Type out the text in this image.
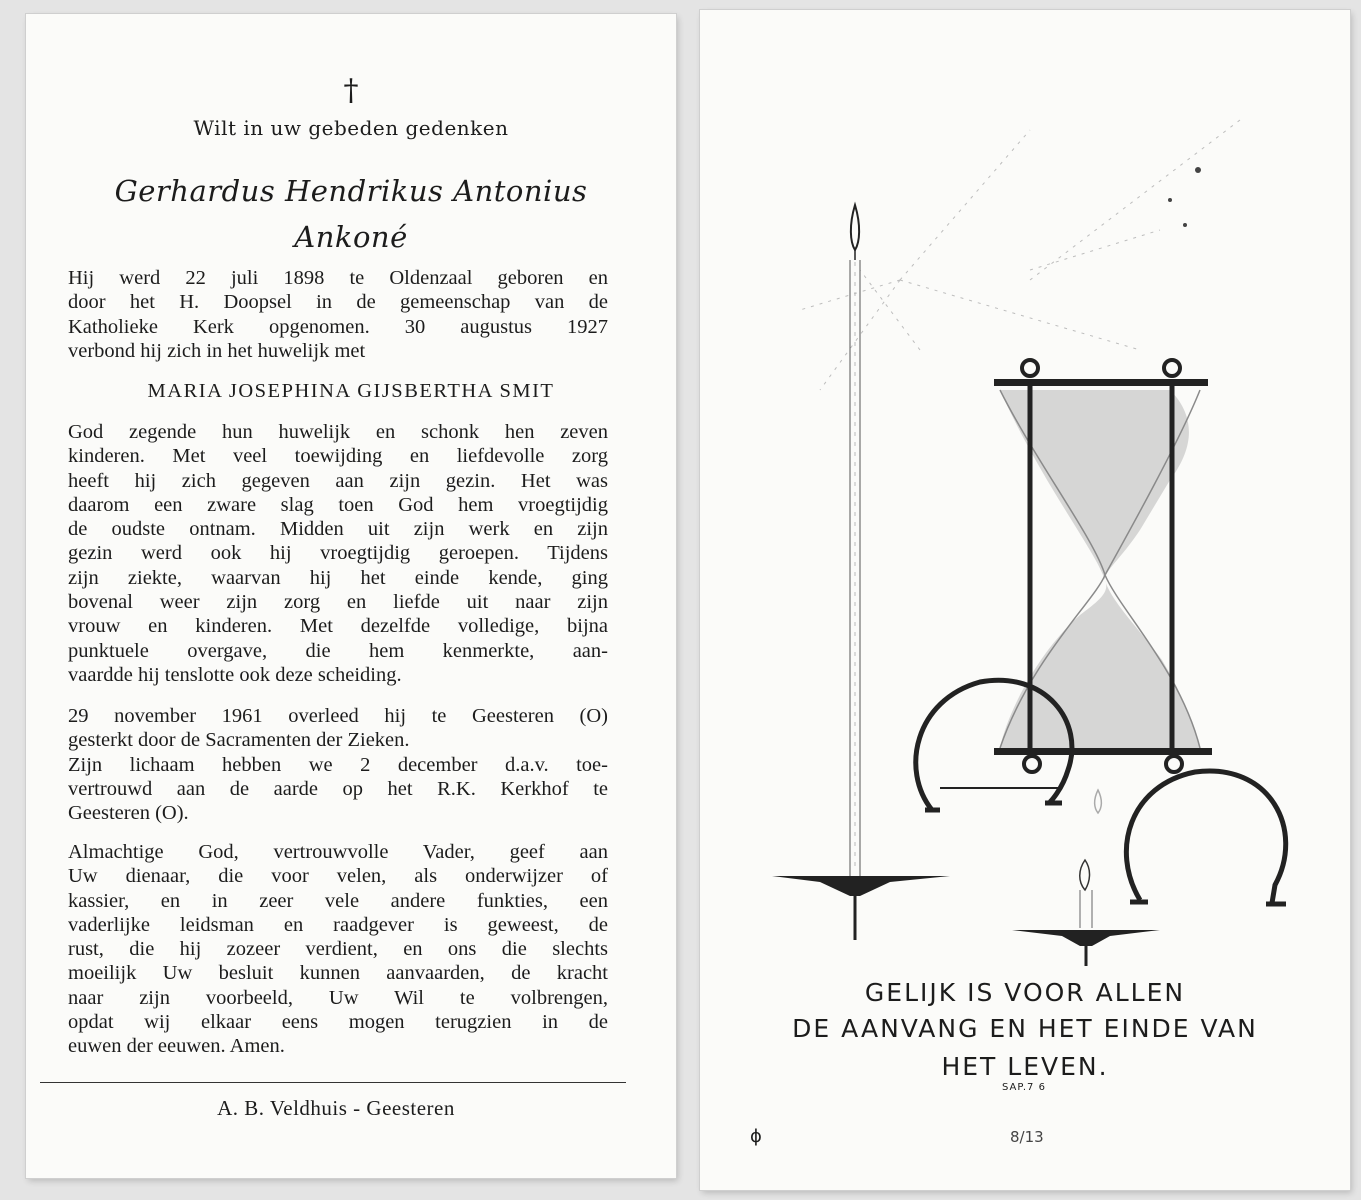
†
Wilt in uw gebeden gedenken
Gerhardus Hendrikus Antonius
Ankoné
Hij werd 22 juli 1898 te Oldenzaal geboren en
door het H. Doopsel in de gemeenschap van de
Katholieke Kerk opgenomen. 30 augustus 1927
verbond hij zich in het huwelijk met
MARIA JOSEPHINA GIJSBERTHA SMIT
God zegende hun huwelijk en schonk hen zeven
kinderen. Met veel toewijding en liefdevolle zorg
heeft hij zich gegeven aan zijn gezin. Het was
daarom een zware slag toen God hem vroegtijdig
de oudste ontnam. Midden uit zijn werk en zijn
gezin werd ook hij vroegtijdig geroepen. Tijdens
zijn ziekte, waarvan hij het einde kende, ging
bovenal weer zijn zorg en liefde uit naar zijn
vrouw en kinderen. Met dezelfde volledige, bijna
punktuele overgave, die hem kenmerkte, aan-
vaardde hij tenslotte ook deze scheiding.
29 november 1961 overleed hij te Geesteren (O)
gesterkt door de Sacramenten der Zieken.
Zijn lichaam hebben we 2 december d.a.v. toe-
vertrouwd aan de aarde op het R.K. Kerkhof te
Geesteren (O).
Almachtige God, vertrouwvolle Vader, geef aan
Uw dienaar, die voor velen, als onderwijzer of
kassier, en in zeer vele andere funkties, een
vaderlijke leidsman en raadgever is geweest, de
rust, die hij zozeer verdient, en ons die slechts
moeilijk Uw besluit kunnen aanvaarden, de kracht
naar zijn voorbeeld, Uw Wil te volbrengen,
opdat wij elkaar eens mogen terugzien in de
euwen der eeuwen. Amen.
A. B. Veldhuis - Geesteren
GELIJK IS VOOR ALLEN
DE AANVANG EN HET EINDE VAN
HET LEVEN.
SAP.7 6
ɸ	8/13
